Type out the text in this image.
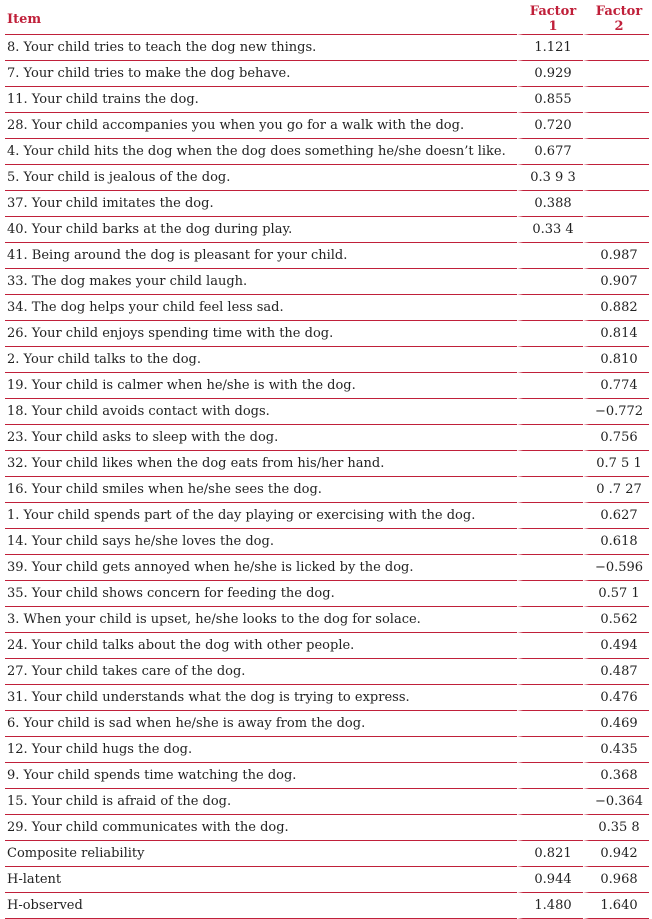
Item	Factor 1	Factor 2
8. Your child tries to teach the dog new things.	1.121	
7. Your child tries to make the dog behave.	0.929	
11. Your child trains the dog.	0.855	
28. Your child accompanies you when you go for a walk with the dog.	0.720	
4. Your child hits the dog when the dog does something he/she doesn’t like.	0.677	
5. Your child is jealous of the dog.	0.3 9 3	
37. Your child imitates the dog.	0.388	
40. Your child barks at the dog during play.	0.33 4	
41. Being around the dog is pleasant for your child.		0.987
33. The dog makes your child laugh.		0.907
34. The dog helps your child feel less sad.		0.882
26. Your child enjoys spending time with the dog.		0.814
2. Your child talks to the dog.		0.810
19. Your child is calmer when he/she is with the dog.		0.774
18. Your child avoids contact with dogs.		−0.772
23. Your child asks to sleep with the dog.		0.756
32. Your child likes when the dog eats from his/her hand.		0.7 5 1
16. Your child smiles when he/she sees the dog.		0 .7 27
1. Your child spends part of the day playing or exercising with the dog.		0.627
14. Your child says he/she loves the dog.		0.618
39. Your child gets annoyed when he/she is licked by the dog.		−0.596
35. Your child shows concern for feeding the dog.		0.57 1
3. When your child is upset, he/she looks to the dog for solace.		0.562
24. Your child talks about the dog with other people.		0.494
27. Your child takes care of the dog.		0.487
31. Your child understands what the dog is trying to express.		0.476
6. Your child is sad when he/she is away from the dog.		0.469
12. Your child hugs the dog.		0.435
9. Your child spends time watching the dog.		0.368
15. Your child is afraid of the dog.		−0.364
29. Your child communicates with the dog.		0.35 8
Composite reliability	0.821	0.942
H-latent	0.944	0.968
H-observed	1.480	1.640
